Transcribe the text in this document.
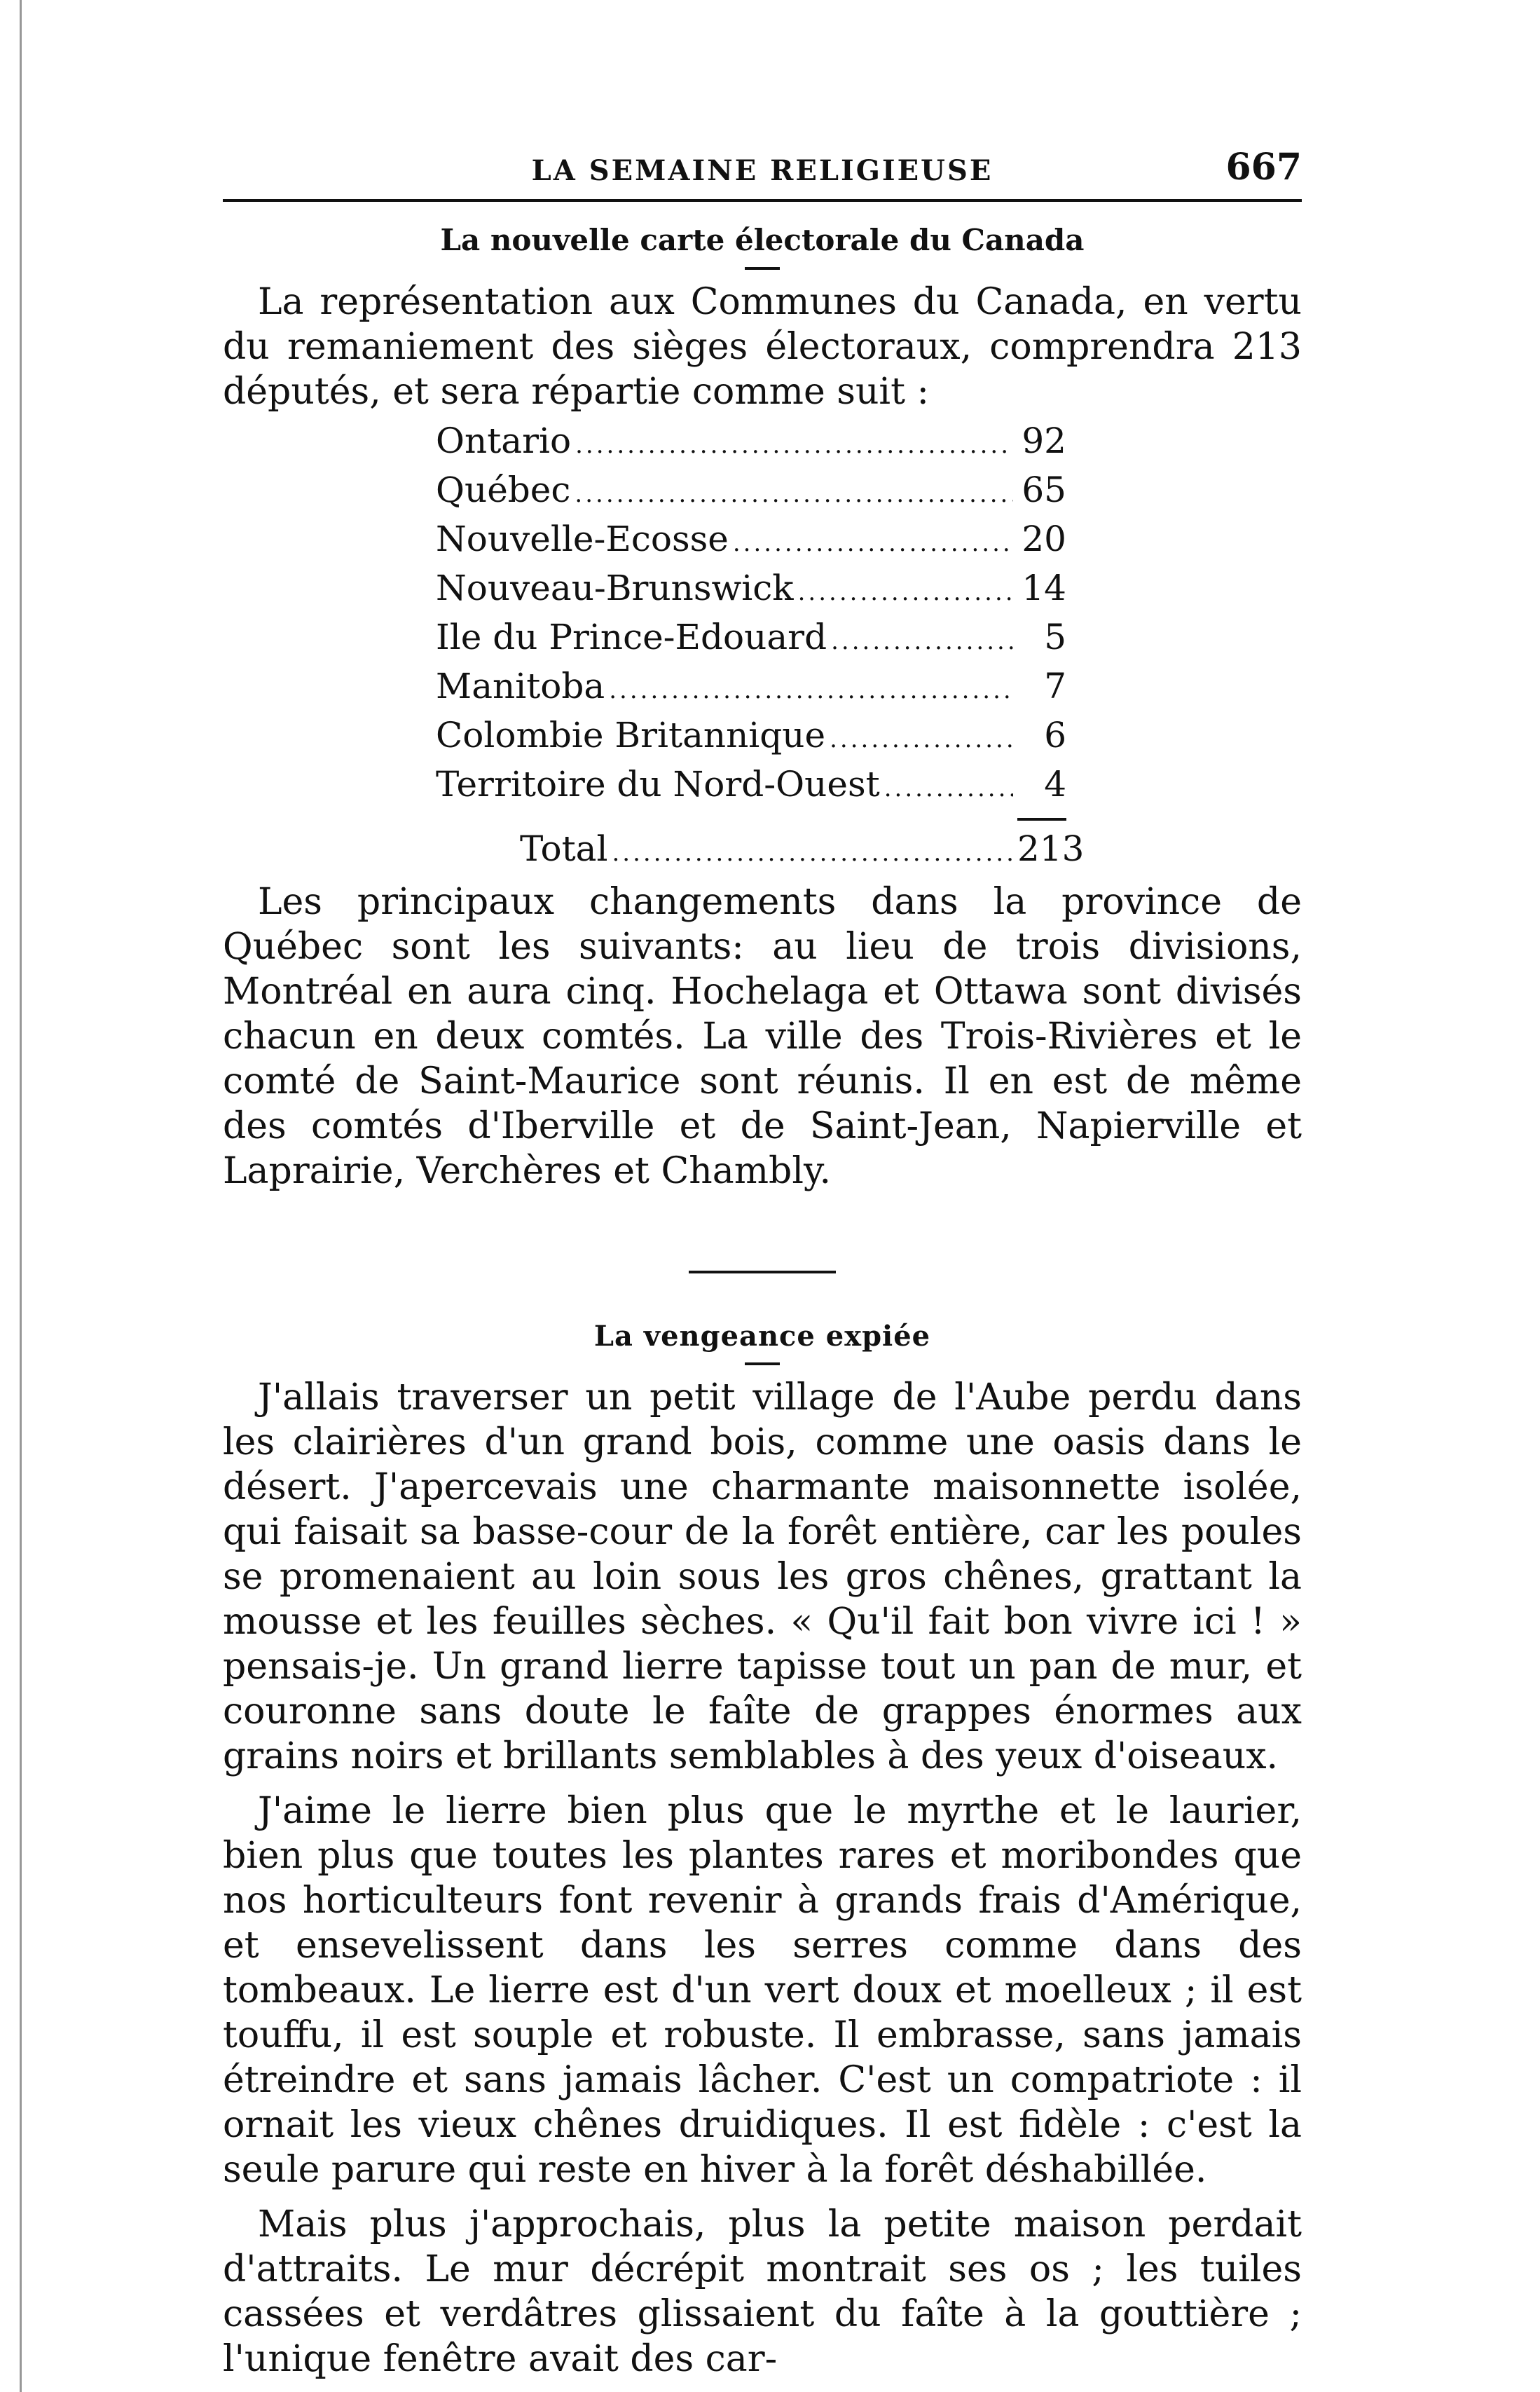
LA SEMAINE RELIGIEUSE	667
La nouvelle carte électorale du Canada

La représentation aux Communes du Canada, en vertu du remaniement des sièges électoraux, comprendra 213 députés, et sera répartie comme suit :

Ontario .....	92
Québec .....	65
Nouvelle-Ecosse .....	20
Nouveau-Brunswick .....	14
Ile du Prince-Edouard .....	5
Manitoba .....	7
Colombie Britannique .....	6
Territoire du Nord-Ouest .....	4
Total .....	213

Les principaux changements dans la province de Québec sont les suivants: au lieu de trois divisions, Montréal en aura cinq. Hochelaga et Ottawa sont divisés chacun en deux comtés. La ville des Trois-Rivières et le comté de Saint-Maurice sont réunis. Il en est de même des comtés d'Iberville et de Saint-Jean, Napierville et Laprairie, Verchères et Chambly.

La vengeance expiée

J'allais traverser un petit village de l'Aube perdu dans les clairières d'un grand bois, comme une oasis dans le désert. J'apercevais une charmante maisonnette isolée, qui faisait sa basse-cour de la forêt entière, car les poules se promenaient au loin sous les gros chênes, grattant la mousse et les feuilles sèches. « Qu'il fait bon vivre ici ! » pensais-je. Un grand lierre tapisse tout un pan de mur, et couronne sans doute le faîte de grappes énormes aux grains noirs et brillants semblables à des yeux d'oiseaux.

J'aime le lierre bien plus que le myrthe et le laurier, bien plus que toutes les plantes rares et moribondes que nos horticulteurs font revenir à grands frais d'Amérique, et ensevelissent dans les serres comme dans des tombeaux. Le lierre est d'un vert doux et moelleux ; il est touffu, il est souple et robuste. Il embrasse, sans jamais étreindre et sans jamais lâcher. C'est un compatriote : il ornait les vieux chênes druidiques. Il est fidèle : c'est la seule parure qui reste en hiver à la forêt déshabillée.

Mais plus j'approchais, plus la petite maison perdait d'attraits. Le mur décrépit montrait ses os ; les tuiles cassées et verdâtres glissaient du faîte à la gouttière ; l'unique fenêtre avait des car-
